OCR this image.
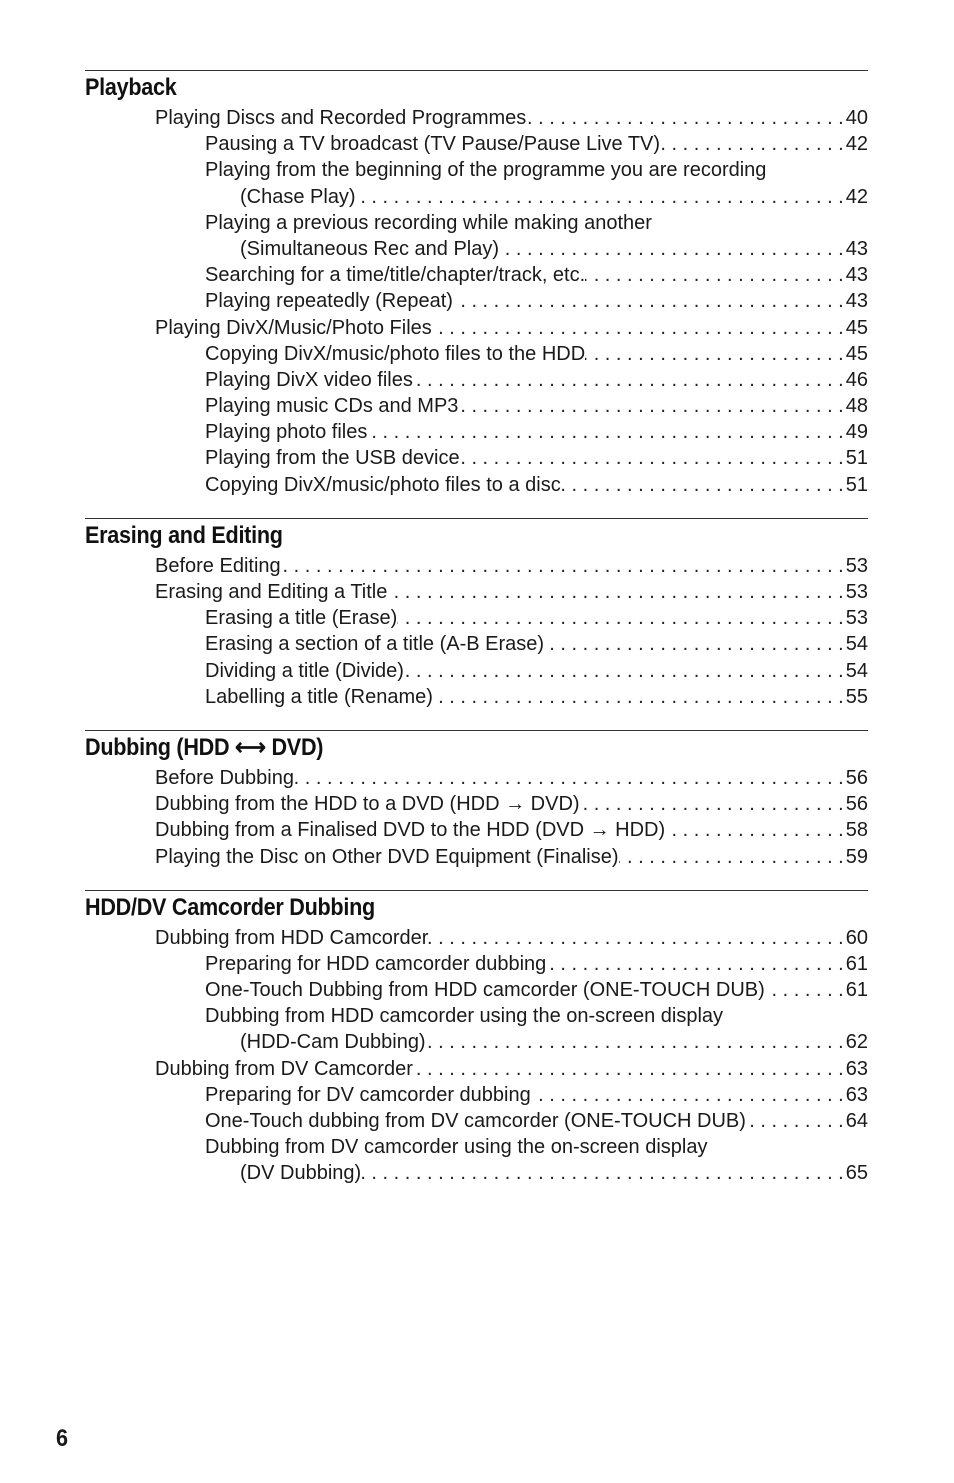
Playback
Playing Discs and Recorded Programmes . . .	40
Pausing a TV broadcast (TV Pause/Pause Live TV) . . .	42
Playing from the beginning of the programme you are recording
(Chase Play) . . .	42
Playing a previous recording while making another
(Simultaneous Rec and Play) . . .	43
Searching for a time/title/chapter/track, etc. . . .	43
Playing repeatedly (Repeat) . . .	43
Playing DivX/Music/Photo Files . . .	45
Copying DivX/music/photo files to the HDD . . .	45
Playing DivX video files . . .	46
Playing music CDs and MP3 . . .	48
Playing photo files . . .	49
Playing from the USB device . . .	51
Copying DivX/music/photo files to a disc . . .	51
Erasing and Editing
Before Editing . . .	53
Erasing and Editing a Title . . .	53
Erasing a title (Erase) . . .	53
Erasing a section of a title (A-B Erase) . . .	54
Dividing a title (Divide) . . .	54
Labelling a title (Rename) . . .	55
Dubbing (HDD ⟷ DVD)
Before Dubbing . . .	56
Dubbing from the HDD to a DVD (HDD → DVD) . . .	56
Dubbing from a Finalised DVD to the HDD (DVD → HDD) . . .	58
Playing the Disc on Other DVD Equipment (Finalise) . . .	59
HDD/DV Camcorder Dubbing
Dubbing from HDD Camcorder . . .	60
Preparing for HDD camcorder dubbing . . .	61
One-Touch Dubbing from HDD camcorder (ONE-TOUCH DUB) . . .	61
Dubbing from HDD camcorder using the on-screen display
(HDD-Cam Dubbing) . . .	62
Dubbing from DV Camcorder . . .	63
Preparing for DV camcorder dubbing . . .	63
One-Touch dubbing from DV camcorder (ONE-TOUCH DUB) . . .	64
Dubbing from DV camcorder using the on-screen display
(DV Dubbing) . . .	65
6
